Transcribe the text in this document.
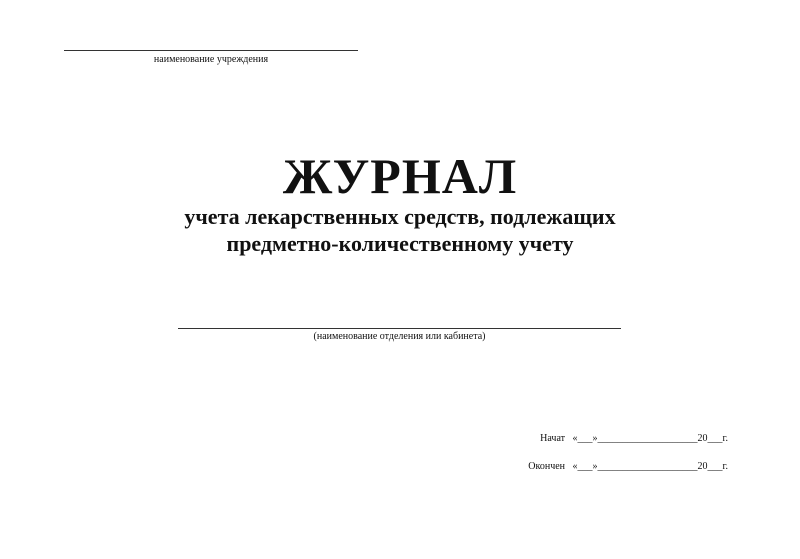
наименование учреждения
ЖУРНАЛ
учета лекарственных средств, подлежащих
предметно-количественному учету
(наименование отделения или кабинета)
Начат   «___»____________________20___г.
Окончен   «___»____________________20___г.
